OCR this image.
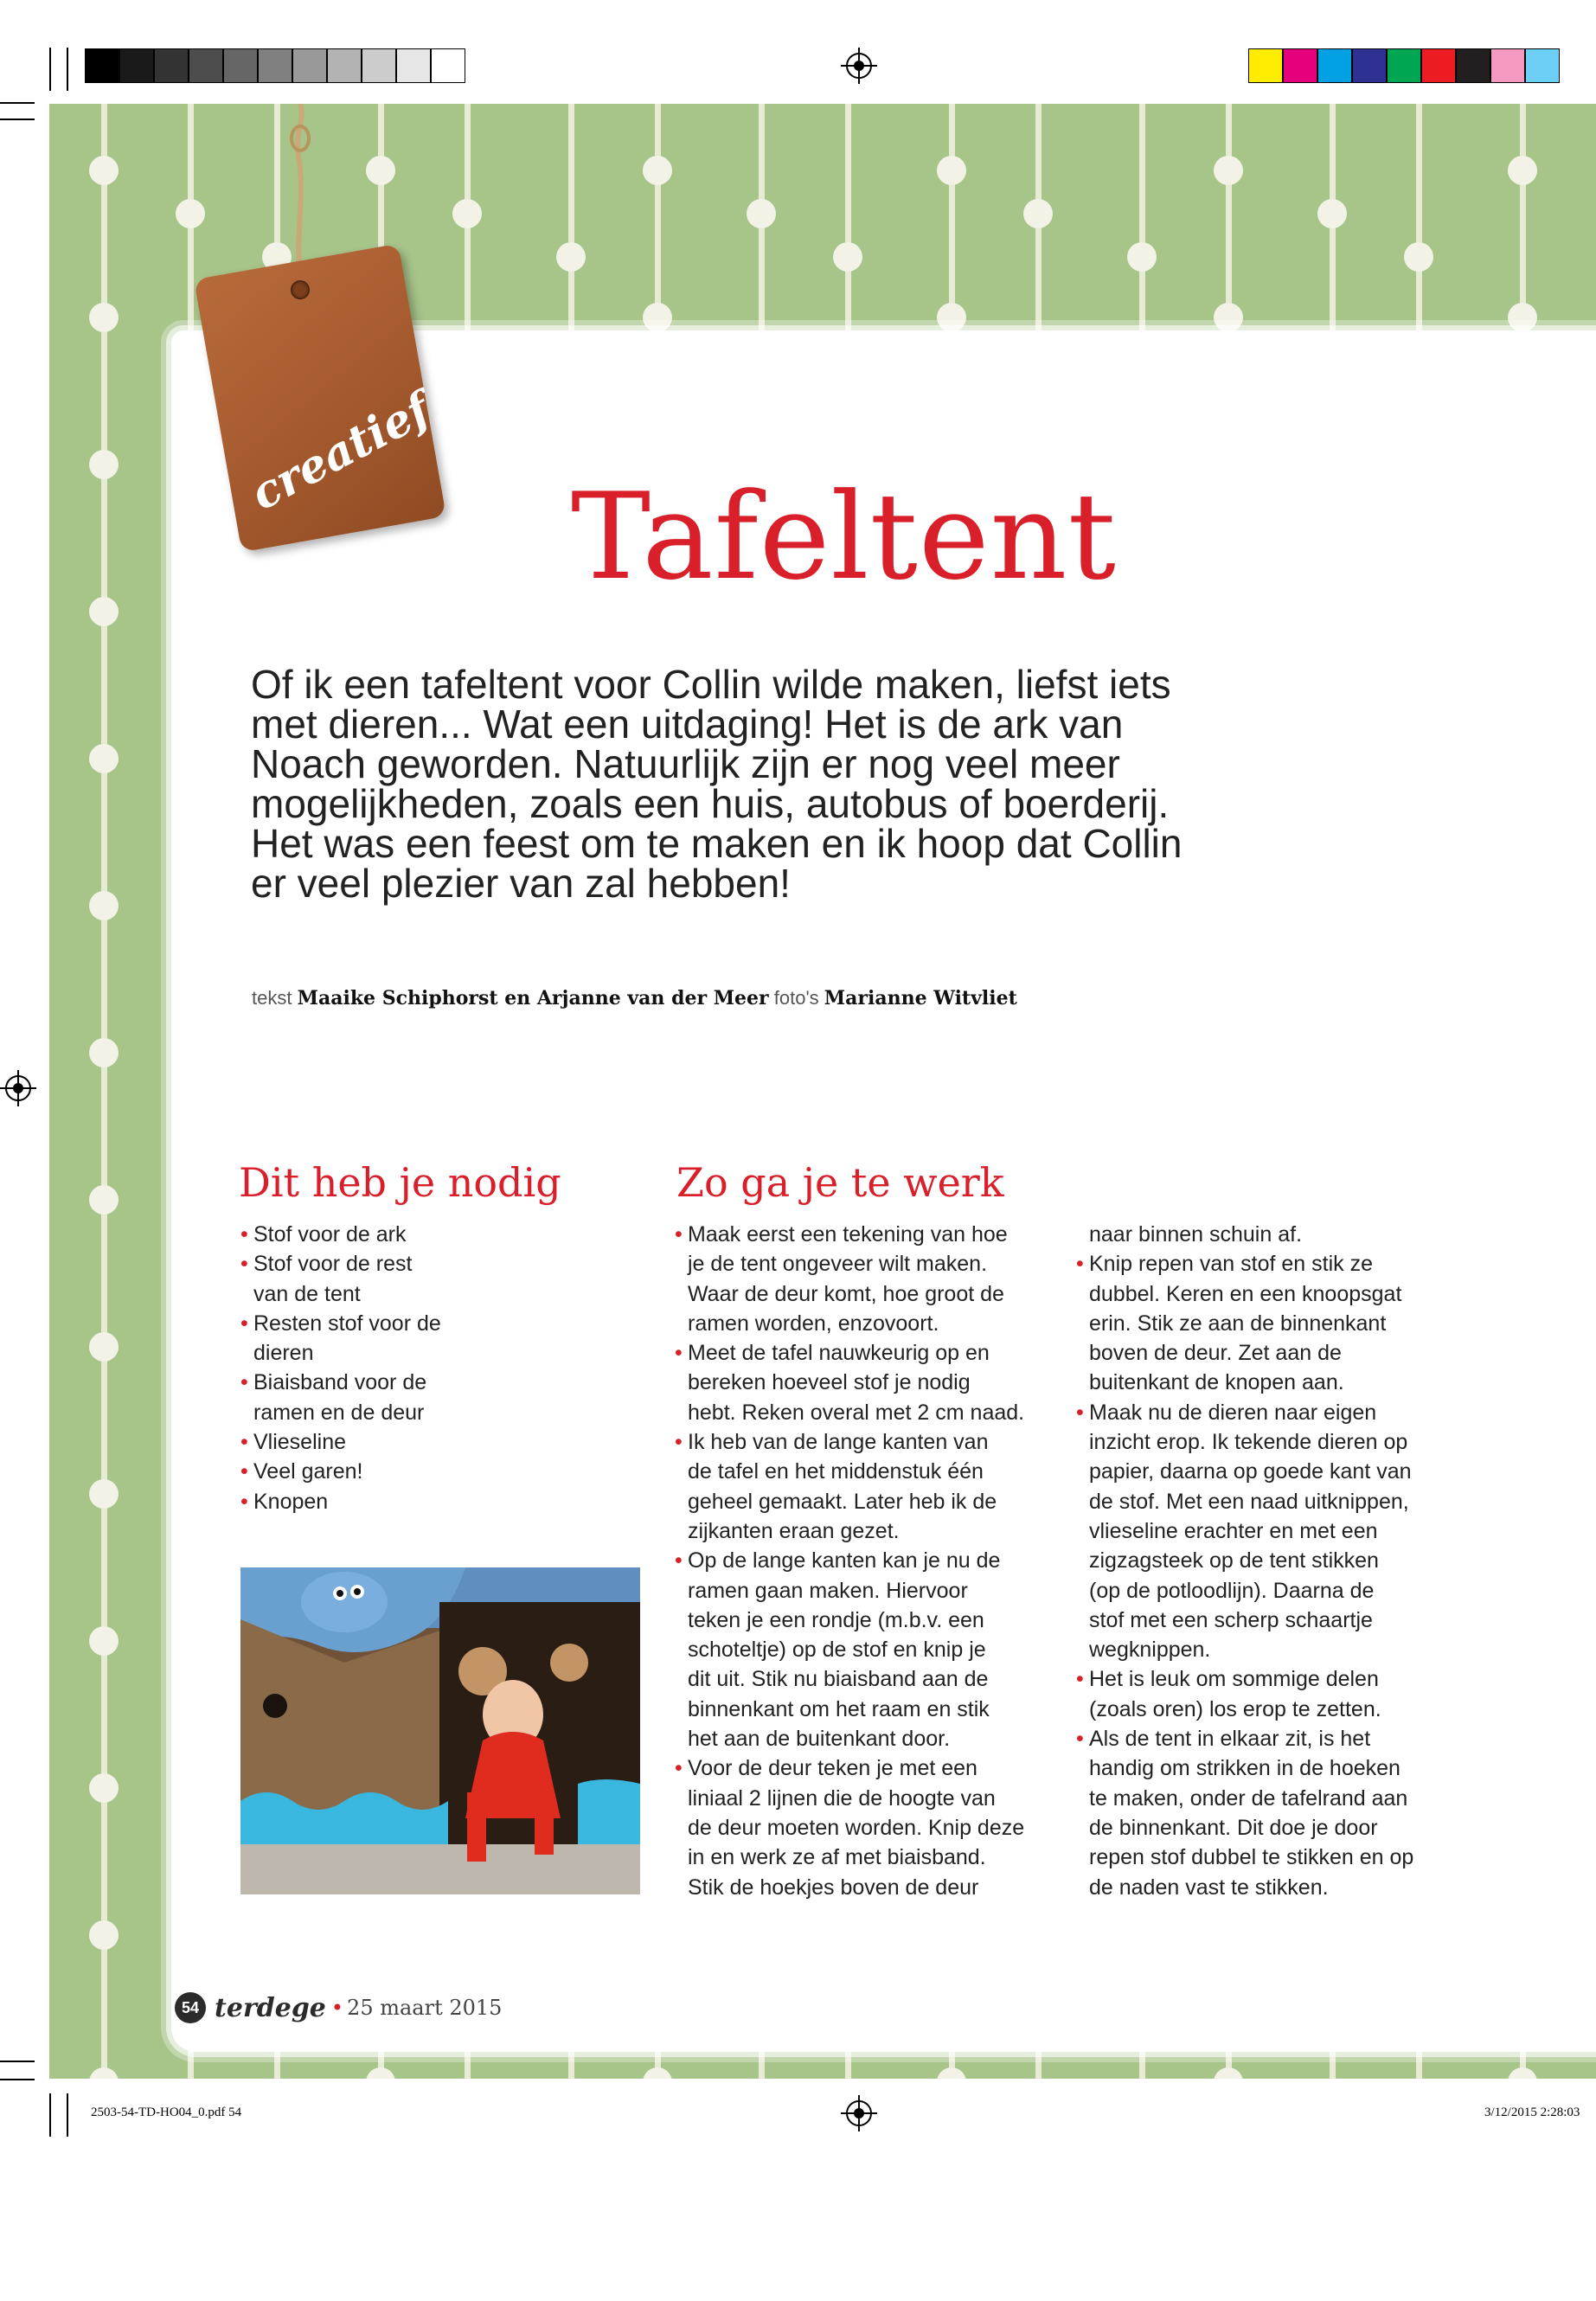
creatief
Tafeltent
Of ik een tafeltent voor Collin wilde maken, liefst iets
met dieren... Wat een uitdaging! Het is de ark van
Noach geworden. Natuurlijk zijn er nog veel meer
mogelijkheden, zoals een huis, autobus of boerderij.
Het was een feest om te maken en ik hoop dat Collin
er veel plezier van zal hebben!
tekst Maaike Schiphorst en Arjanne van der Meer foto's Marianne Witvliet
Dit heb je nodig
• Stof voor de ark
• Stof voor de rest
van de tent
• Resten stof voor de
dieren
• Biaisband voor de
ramen en de deur
• Vlieseline
• Veel garen!
• Knopen
Zo ga je te werk
• Maak eerst een tekening van hoe
je de tent ongeveer wilt maken.
Waar de deur komt, hoe groot de
ramen worden, enzovoort.
• Meet de tafel nauwkeurig op en
bereken hoeveel stof je nodig
hebt. Reken overal met 2 cm naad.
• Ik heb van de lange kanten van
de tafel en het middenstuk één
geheel gemaakt. Later heb ik de
zijkanten eraan gezet.
• Op de lange kanten kan je nu de
ramen gaan maken. Hiervoor
teken je een rondje (m.b.v. een
schoteltje) op de stof en knip je
dit uit. Stik nu biaisband aan de
binnenkant om het raam en stik
het aan de buitenkant door.
• Voor de deur teken je met een
liniaal 2 lijnen die de hoogte van
de deur moeten worden. Knip deze
in en werk ze af met biaisband.
Stik de hoekjes boven de deur
naar binnen schuin af.
• Knip repen van stof en stik ze
dubbel. Keren en een knoopsgat
erin. Stik ze aan de binnenkant
boven de deur. Zet aan de
buitenkant de knopen aan.
• Maak nu de dieren naar eigen
inzicht erop. Ik tekende dieren op
papier, daarna op goede kant van
de stof. Met een naad uitknippen,
vlieseline erachter en met een
zigzagsteek op de tent stikken
(op de potloodlijn). Daarna de
stof met een scherp schaartje
wegknippen.
• Het is leuk om sommige delen
(zoals oren) los erop te zetten.
• Als de tent in elkaar zit, is het
handig om strikken in de hoeken
te maken, onder de tafelrand aan
de binnenkant. Dit doe je door
repen stof dubbel te stikken en op
de naden vast te stikken.
54 terdege • 25 maart 2015
2503-54-TD-HO04_0.pdf 54	3/12/2015 2:28:03
